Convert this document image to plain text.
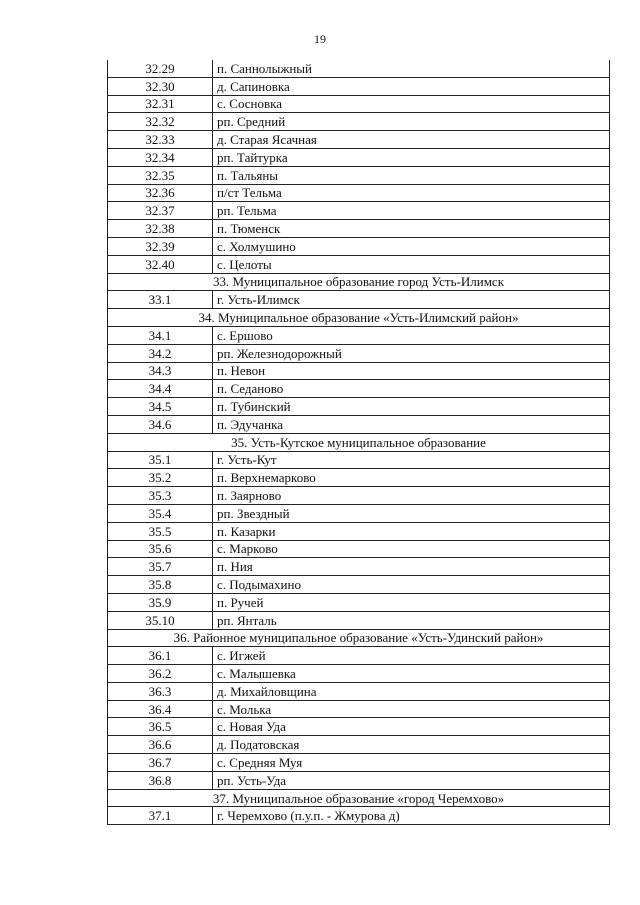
19
32.29	п. Саннолыжный
32.30	д. Сапиновка
32.31	с. Сосновка
32.32	рп. Средний
32.33	д. Старая Ясачная
32.34	рп. Тайтурка
32.35	п. Тальяны
32.36	п/ст Тельма
32.37	рп. Тельма
32.38	п. Тюменск
32.39	с. Холмушино
32.40	с. Целоты
33. Муниципальное образование город Усть-Илимск	
33.1	г. Усть-Илимск
34. Муниципальное образование «Усть-Илимский район»	
34.1	с. Ершово
34.2	рп. Железнодорожный
34.3	п. Невон
34.4	п. Седаново
34.5	п. Тубинский
34.6	п. Эдучанка
35. Усть-Кутское муниципальное образование	
35.1	г. Усть-Кут
35.2	п. Верхнемарково
35.3	п. Заярново
35.4	рп. Звездный
35.5	п. Казарки
35.6	с. Марково
35.7	п. Ния
35.8	с. Подымахино
35.9	п. Ручей
35.10	рп. Янталь
36. Районное муниципальное образование «Усть-Удинский район»	
36.1	с. Игжей
36.2	с. Малышевка
36.3	д. Михайловщина
36.4	с. Молька
36.5	с. Новая Уда
36.6	д. Податовская
36.7	с. Средняя Муя
36.8	рп. Усть-Уда
37. Муниципальное образование «город Черемхово»	
37.1	г. Черемхово (п.у.п. - Жмурова д)
